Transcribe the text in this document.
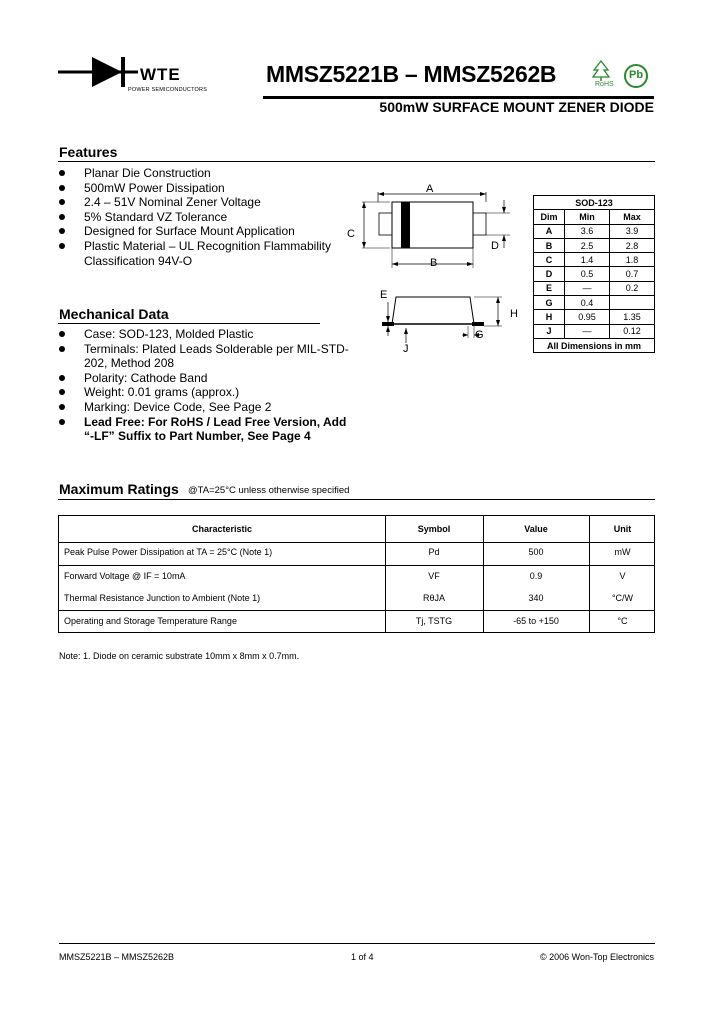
WTE
POWER SEMICONDUCTORS
MMSZ5221B – MMSZ5262B	RoHS
Pb
500mW SURFACE MOUNT ZENER DIODE
Features
Planar Die Construction
500mW Power Dissipation
2.4 – 51V Nominal Zener Voltage
5% Standard VZ Tolerance
Designed for Surface Mount Application
Plastic Material – UL Recognition Flammability Classification 94V-O
Mechanical Data
Case: SOD-123, Molded Plastic
Terminals: Plated Leads Solderable per MIL-STD-202, Method 208
Polarity: Cathode Band
Weight: 0.01 grams (approx.)
Marking: Device Code, See Page 2
Lead Free: For RoHS / Lead Free Version, Add “-LF” Suffix to Part Number, See Page 4
A
C
D
B
E
H
G
J
SOD-123		
Dim	Min	Max
A	3.6	3.9
B	2.5	2.8
C	1.4	1.8
D	0.5	0.7
E	—	0.2
G	0.4	
H	0.95	1.35
J	—	0.12
All Dimensions in mm		
Maximum Ratings @TA=25°C unless otherwise specified
Characteristic	Symbol	Value	Unit
Peak Pulse Power Dissipation at TA = 25°C (Note 1)	Pd	500	mW
Forward Voltage @ IF = 10mA	VF	0.9	V
Thermal Resistance Junction to Ambient (Note 1)	RθJA	340	°C/W
Operating and Storage Temperature Range	Tj, TSTG	-65 to +150	°C
Note: 1. Diode on ceramic substrate 10mm x 8mm x 0.7mm.
MMSZ5221B – MMSZ5262B	1 of 4	© 2006 Won-Top Electronics
